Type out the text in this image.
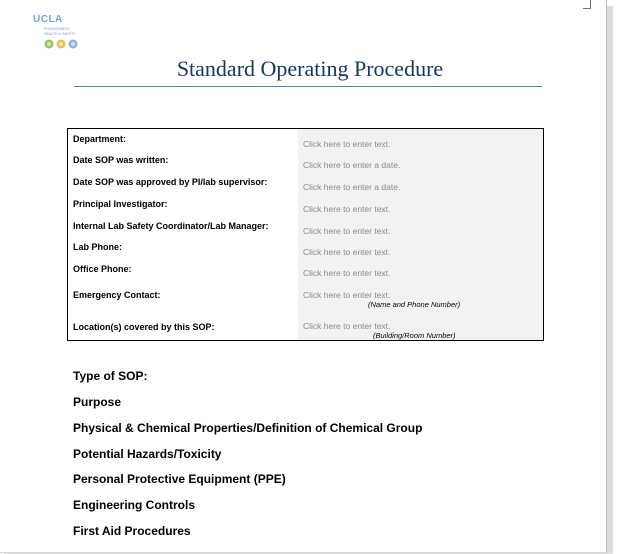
UCLA
ENVIRONMENT,
HEALTH & SAFETY
Standard Operating Procedure
Department:	Click here to enter text.
Date SOP was written:	Click here to enter a date.
Date SOP was approved by PI/lab supervisor:	Click here to enter a date.
Principal Investigator:	Click here to enter text.
Internal Lab Safety Coordinator/Lab Manager:	Click here to enter text.
Lab Phone:	Click here to enter text.
Office Phone:	Click here to enter text.
Emergency Contact:	Click here to enter text.
(Name and Phone Number)
Location(s) covered by this SOP:	Click here to enter text.
(Building/Room Number)
Type of SOP:
Purpose
Physical & Chemical Properties/Definition of Chemical Group
Potential Hazards/Toxicity
Personal Protective Equipment (PPE)
Engineering Controls
First Aid Procedures
